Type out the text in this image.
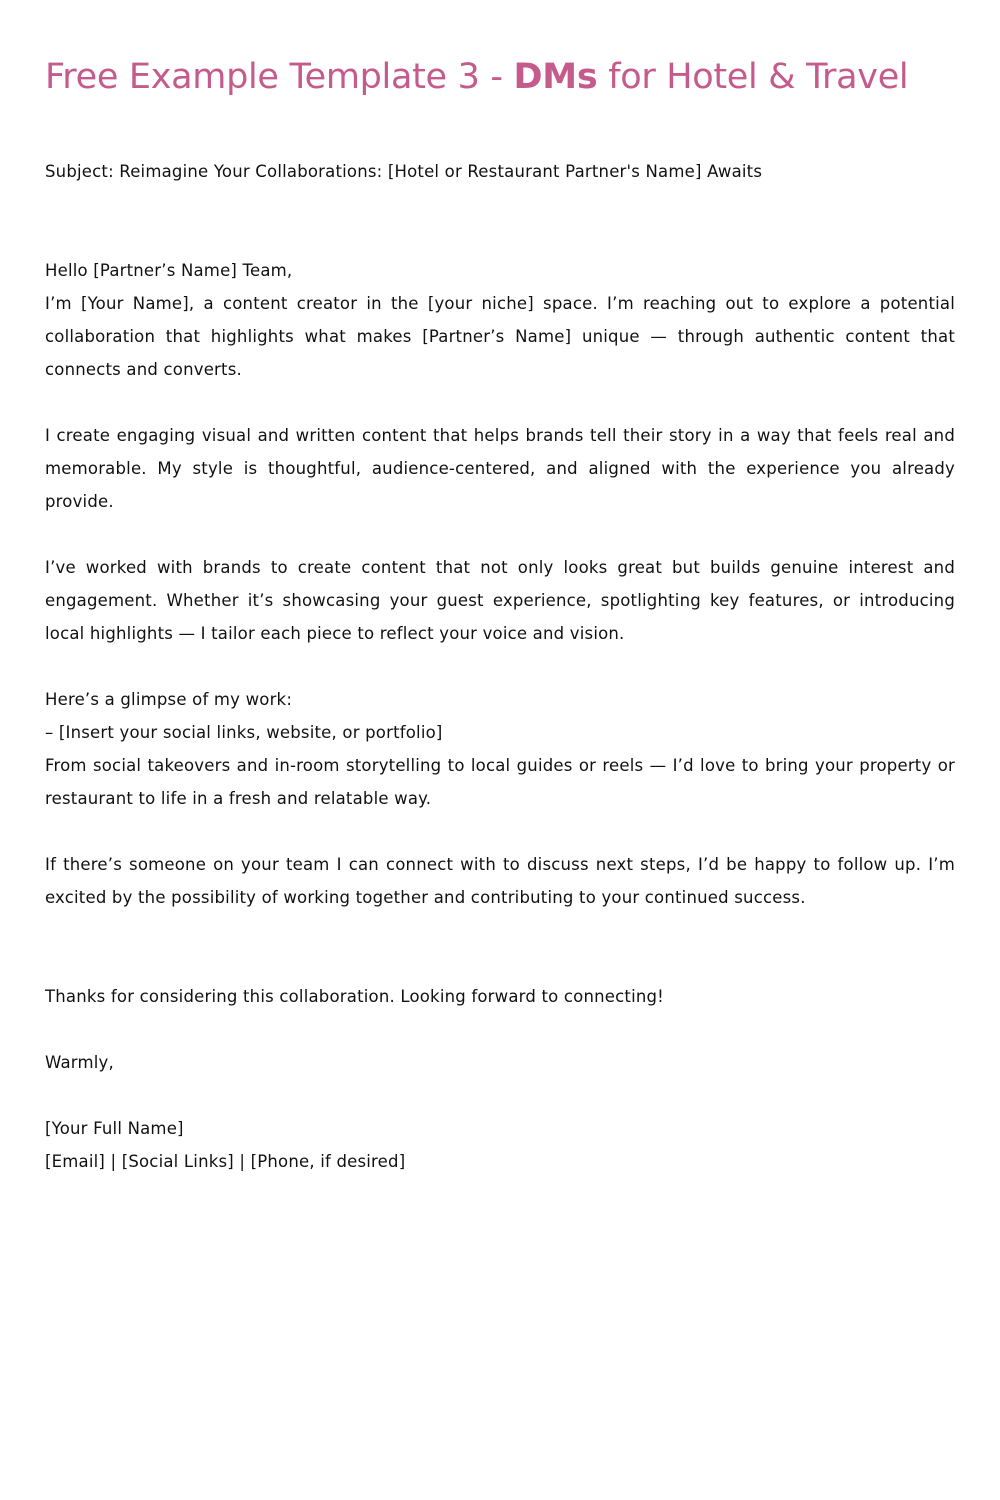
Free Example Template 3 - DMs for Hotel & Travel

Subject: Reimagine Your Collaborations: [Hotel or Restaurant Partner's Name] Awaits

Hello [Partner’s Name] Team,

I’m [Your Name], a content creator in the [your niche] space. I’m reaching out to explore a potential collaboration that highlights what makes [Partner’s Name] unique — through authentic content that connects and converts.

I create engaging visual and written content that helps brands tell their story in a way that feels real and memorable. My style is thoughtful, audience-centered, and aligned with the experience you already provide.

I’ve worked with brands to create content that not only looks great but builds genuine interest and engagement. Whether it’s showcasing your guest experience, spotlighting key features, or introducing local highlights — I tailor each piece to reflect your voice and vision.

Here’s a glimpse of my work:

– [Insert your social links, website, or portfolio]

From social takeovers and in-room storytelling to local guides or reels — I’d love to bring your property or restaurant to life in a fresh and relatable way.

If there’s someone on your team I can connect with to discuss next steps, I’d be happy to follow up. I’m excited by the possibility of working together and contributing to your continued success.

Thanks for considering this collaboration. Looking forward to connecting!

Warmly,

[Your Full Name]

[Email] | [Social Links] | [Phone, if desired]
